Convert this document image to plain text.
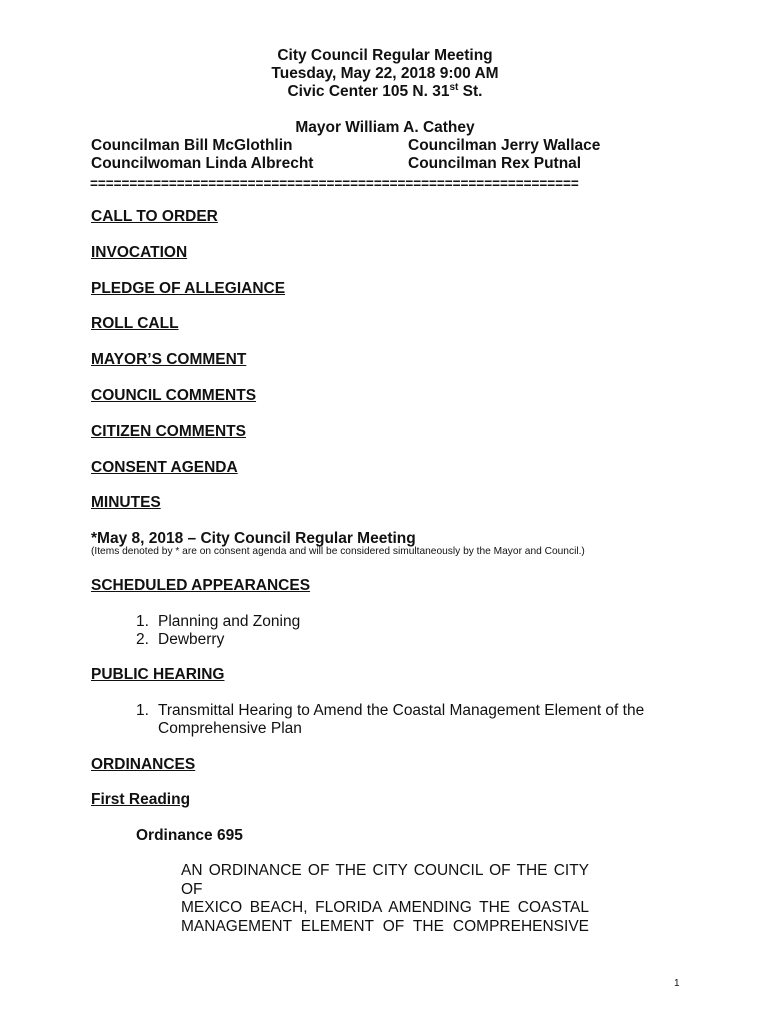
City Council Regular Meeting
Tuesday, May 22, 2018 9:00 AM
Civic Center 105 N. 31st St.
Mayor William A. Cathey
Councilman Bill McGlothlin	Councilman Jerry Wallace
Councilwoman Linda Albrecht	Councilman Rex Putnal
==============================================================
CALL TO ORDER
INVOCATION
PLEDGE OF ALLEGIANCE
ROLL CALL
MAYOR’S COMMENT
COUNCIL COMMENTS
CITIZEN COMMENTS
CONSENT AGENDA
MINUTES
*May 8, 2018 – City Council Regular Meeting
(Items denoted by * are on consent agenda and will be considered simultaneously by the Mayor and Council.)
SCHEDULED APPEARANCES
1. Planning and Zoning
2. Dewberry
PUBLIC HEARING
1. Transmittal Hearing to Amend the Coastal Management Element of the
Comprehensive Plan
ORDINANCES
First Reading
Ordinance 695
AN ORDINANCE OF THE CITY COUNCIL OF THE CITY OF
MEXICO BEACH, FLORIDA AMENDING THE COASTAL
MANAGEMENT ELEMENT OF THE COMPREHENSIVE
1
